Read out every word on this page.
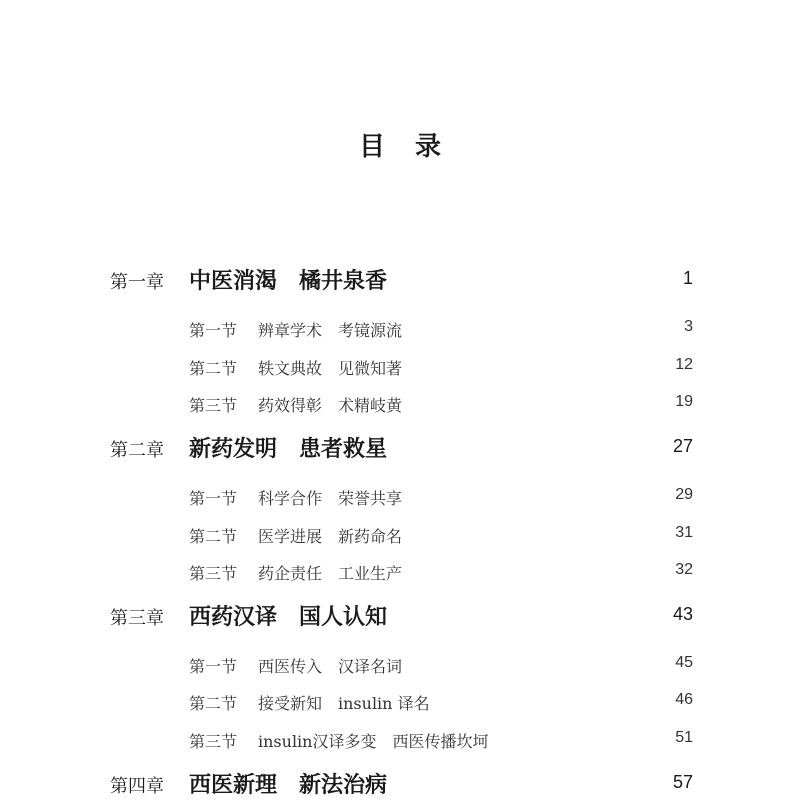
目 录
第一章 中医消渴　橘井泉香	1
第一节 辨章学术　考镜源流	3
第二节 轶文典故　见微知著	12
第三节 药效得彰　术精岐黄	19
第二章 新药发明　患者救星	27
第一节 科学合作　荣誉共享	29
第二节 医学进展　新药命名	31
第三节 药企责任　工业生产	32
第三章 西药汉译　国人认知	43
第一节 西医传入　汉译名词	45
第二节 接受新知　insulin 译名	46
第三节 insulin汉译多变　西医传播坎坷	51
第四章 西医新理　新法治病	57
